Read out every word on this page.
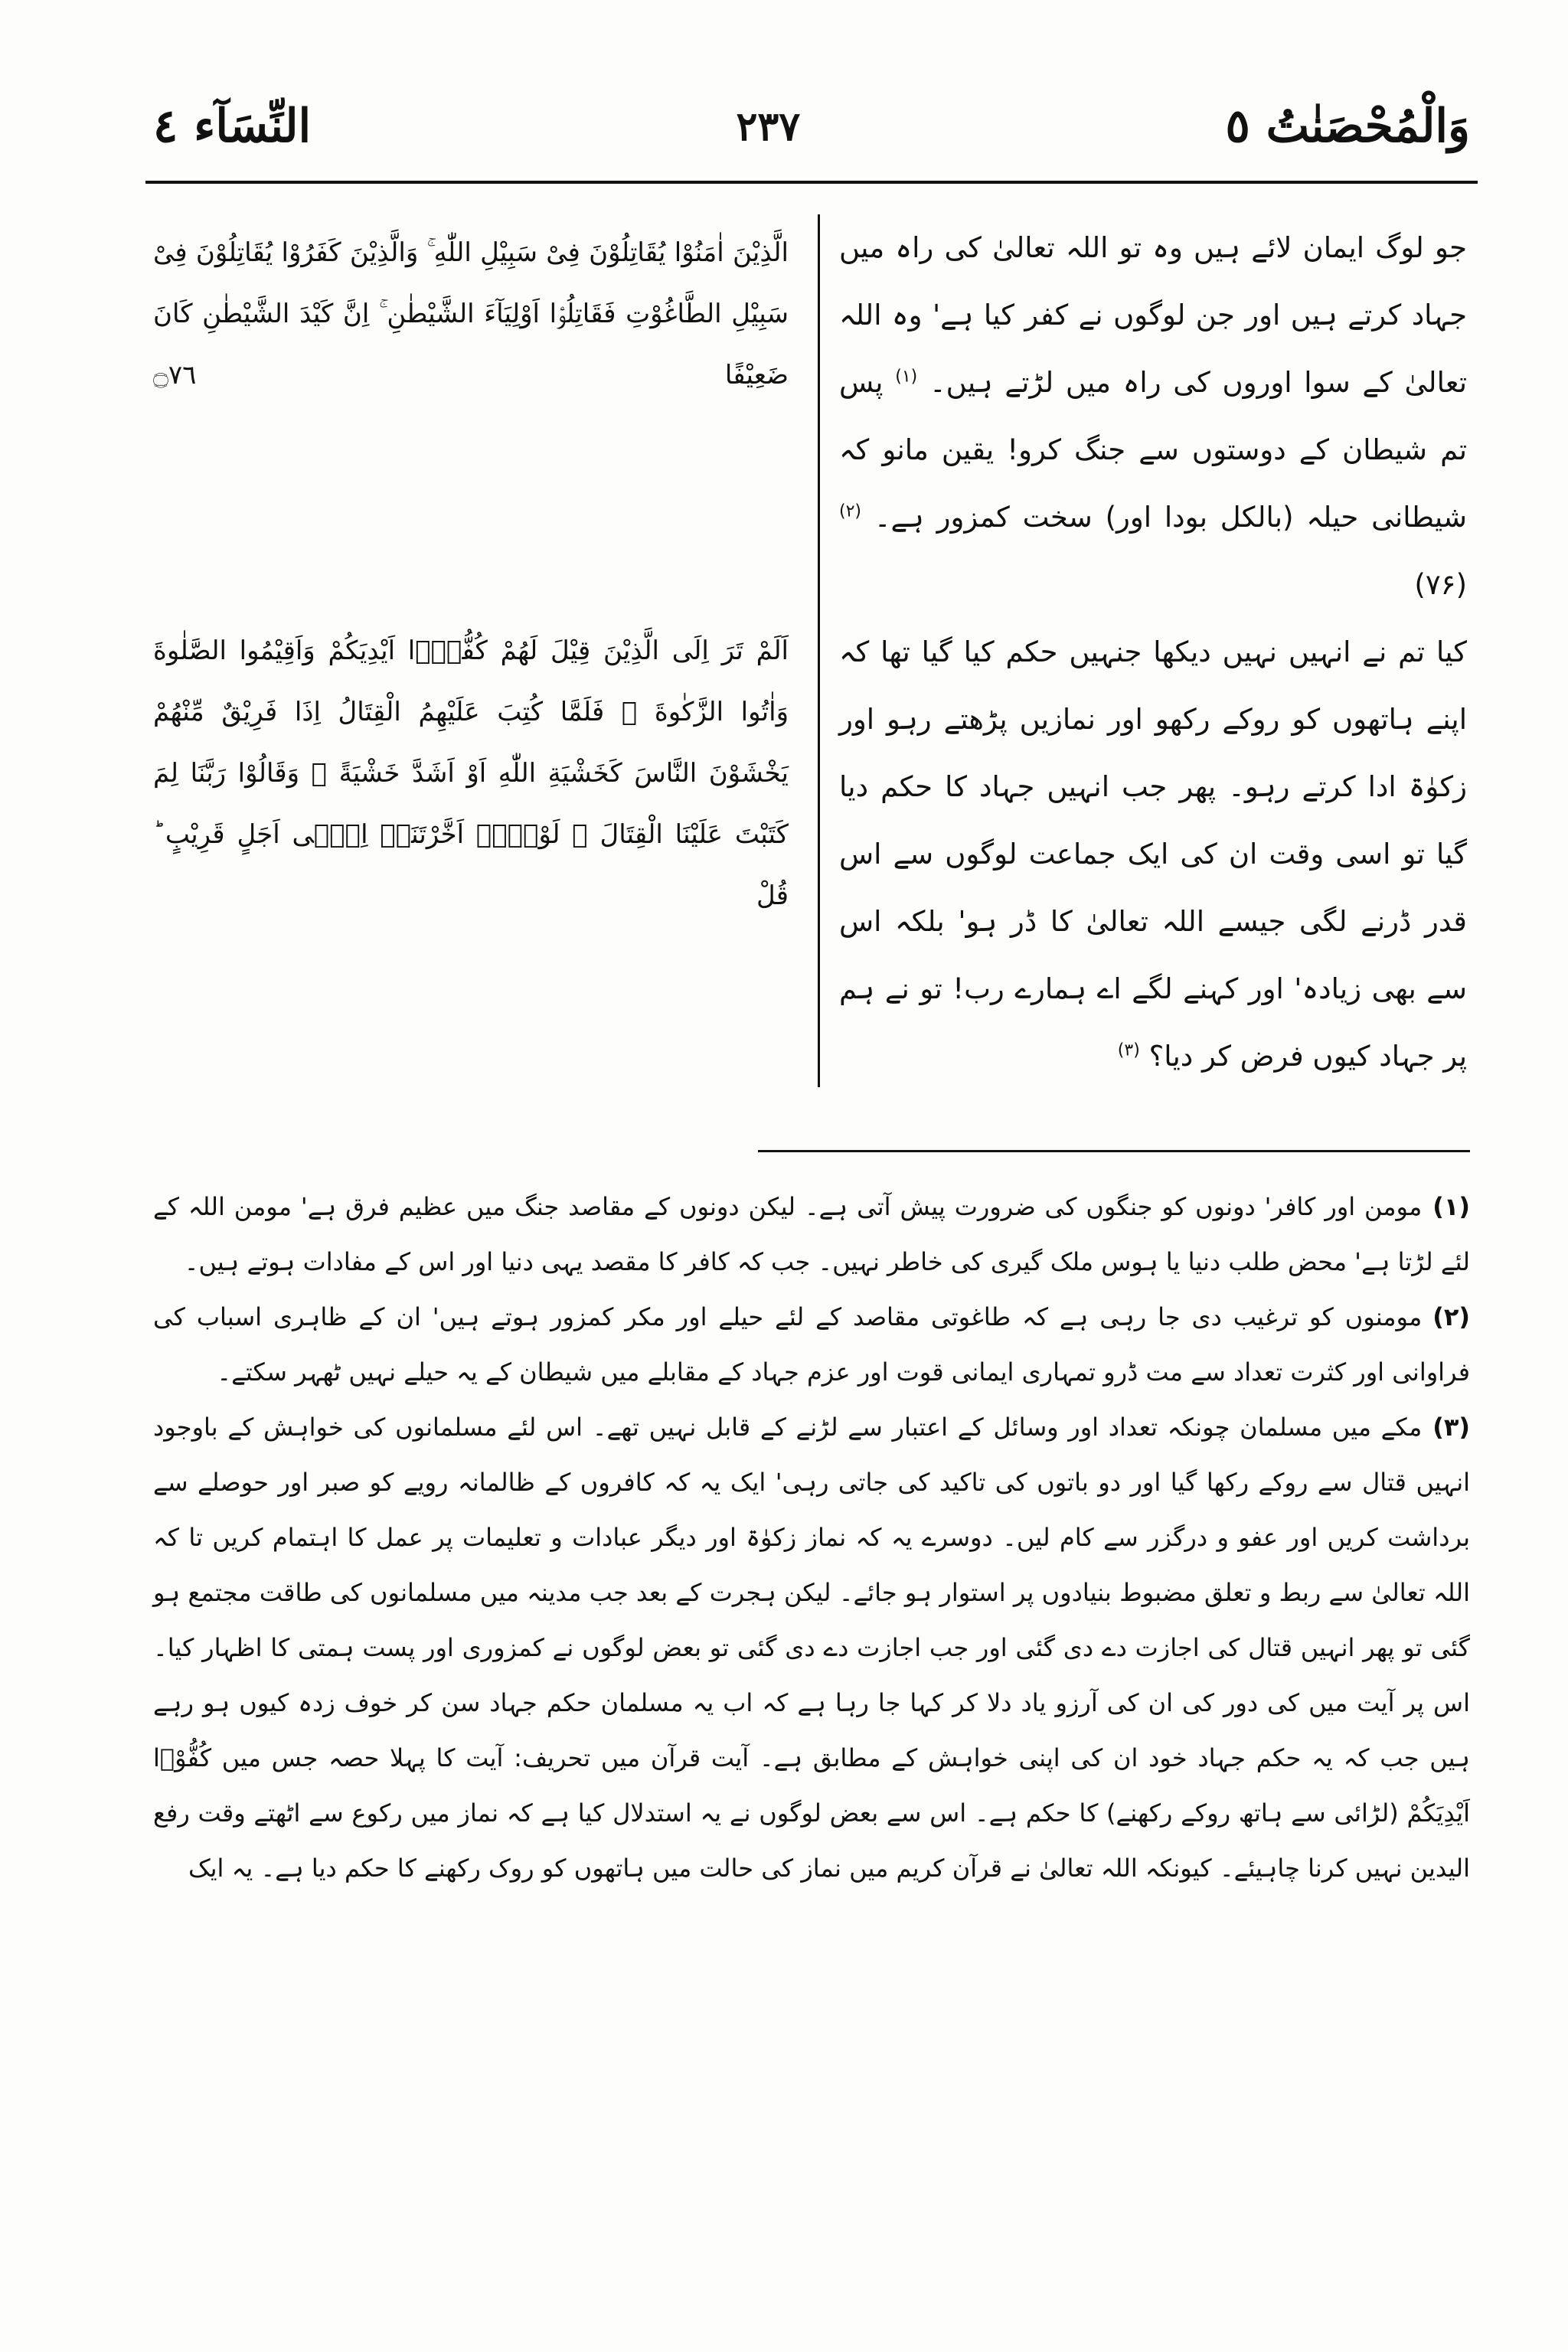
النِّسَآء ٤	٢٣٧	وَالْمُحْصَنٰتُ ٥

جو لوگ ایمان لائے ہیں وہ تو اللہ تعالیٰ کی راہ میں جہاد کرتے ہیں اور جن لوگوں نے کفر کیا ہے' وہ اللہ تعالیٰ کے سوا اوروں کی راہ میں لڑتے ہیں۔ $^{(۱)}$ پس تم شیطان کے دوستوں سے جنگ کرو! یقین مانو کہ شیطانی حیلہ (بالکل بودا اور) سخت کمزور ہے۔ $^{(۲)}$ (۷۶)

کیا تم نے انہیں نہیں دیکھا جنہیں حکم کیا گیا تھا کہ اپنے ہاتھوں کو روکے رکھو اور نمازیں پڑھتے رہو اور زکوٰۃ ادا کرتے رہو۔ پھر جب انہیں جہاد کا حکم دیا گیا تو اسی وقت ان کی ایک جماعت لوگوں سے اس قدر ڈرنے لگی جیسے اللہ تعالیٰ کا ڈر ہو' بلکہ اس سے بھی زیادہ' اور کہنے لگے اے ہمارے رب! تو نے ہم پر جہاد کیوں فرض کر دیا؟ $^{(۳)}$

الَّذِیْنَ اٰمَنُوْا یُقَاتِلُوْنَ فِیْ سَبِیْلِ اللّٰهِ ۚ وَالَّذِیْنَ كَفَرُوْا یُقَاتِلُوْنَ فِیْ سَبِیْلِ الطَّاغُوْتِ فَقَاتِلُوْۤا اَوْلِیَآءَ الشَّیْطٰنِ ۚ اِنَّ كَیْدَ الشَّیْطٰنِ كَانَ ضَعِیْفًا ۝٧٦
اَلَمْ تَرَ اِلَى الَّذِیْنَ قِیْلَ لَهُمْ كُفُّوْۤا اَیْدِیَكُمْ وَاَقِیْمُوا الصَّلٰوةَ وَاٰتُوا الزَّكٰوةَ ۚ فَلَمَّا كُتِبَ عَلَیْهِمُ الْقِتَالُ اِذَا فَرِیْقٌ مِّنْهُمْ یَخْشَوْنَ النَّاسَ كَخَشْیَةِ اللّٰهِ اَوْ اَشَدَّ خَشْیَةً ۚ وَقَالُوْا رَبَّنَا لِمَ كَتَبْتَ عَلَیْنَا الْقِتَالَ ۚ لَوْلَاۤ اَخَّرْتَنَاۤ اِلٰۤى اَجَلٍ قَرِیْبٍ ؕ قُلْ

(۱)مومن اور کافر' دونوں کو جنگوں کی ضرورت پیش آتی ہے۔ لیکن دونوں کے مقاصد جنگ میں عظیم فرق ہے' مومن اللہ کے لئے لڑتا ہے' محض طلب دنیا یا ہوس ملک گیری کی خاطر نہیں۔ جب کہ کافر کا مقصد یہی دنیا اور اس کے مفادات ہوتے ہیں۔

(۲)مومنوں کو ترغیب دی جا رہی ہے کہ طاغوتی مقاصد کے لئے حیلے اور مکر کمزور ہوتے ہیں' ان کے ظاہری اسباب کی فراوانی اور کثرت تعداد سے مت ڈرو تمہاری ایمانی قوت اور عزم جہاد کے مقابلے میں شیطان کے یہ حیلے نہیں ٹھہر سکتے۔

(۳)مکے میں مسلمان چونکہ تعداد اور وسائل کے اعتبار سے لڑنے کے قابل نہیں تھے۔ اس لئے مسلمانوں کی خواہش کے باوجود انہیں قتال سے روکے رکھا گیا اور دو باتوں کی تاکید کی جاتی رہی' ایک یہ کہ کافروں کے ظالمانہ رویے کو صبر اور حوصلے سے برداشت کریں اور عفو و درگزر سے کام لیں۔ دوسرے یہ کہ نماز زکوٰۃ اور دیگر عبادات و تعلیمات پر عمل کا اہتمام کریں تا کہ اللہ تعالیٰ سے ربط و تعلق مضبوط بنیادوں پر استوار ہو جائے۔ لیکن ہجرت کے بعد جب مدینہ میں مسلمانوں کی طاقت مجتمع ہو گئی تو پھر انہیں قتال کی اجازت دے دی گئی اور جب اجازت دے دی گئی تو بعض لوگوں نے کمزوری اور پست ہمتی کا اظہار کیا۔ اس پر آیت میں کی دور کی ان کی آرزو یاد دلا کر کہا جا رہا ہے کہ اب یہ مسلمان حکم جہاد سن کر خوف زدہ کیوں ہو رہے ہیں جب کہ یہ حکم جہاد خود ان کی اپنی خواہش کے مطابق ہے۔ آیت قرآن میں تحریف: آیت کا پہلا حصہ جس میں كُفُّوْۤا اَیْدِیَكُمْ (لڑائی سے ہاتھ روکے رکھنے) کا حکم ہے۔ اس سے بعض لوگوں نے یہ استدلال کیا ہے کہ نماز میں رکوع سے اٹھتے وقت رفع الیدین نہیں کرنا چاہیئے۔ کیونکہ اللہ تعالیٰ نے قرآن کریم میں نماز کی حالت میں ہاتھوں کو روک رکھنے کا حکم دیا ہے۔ یہ ایک
